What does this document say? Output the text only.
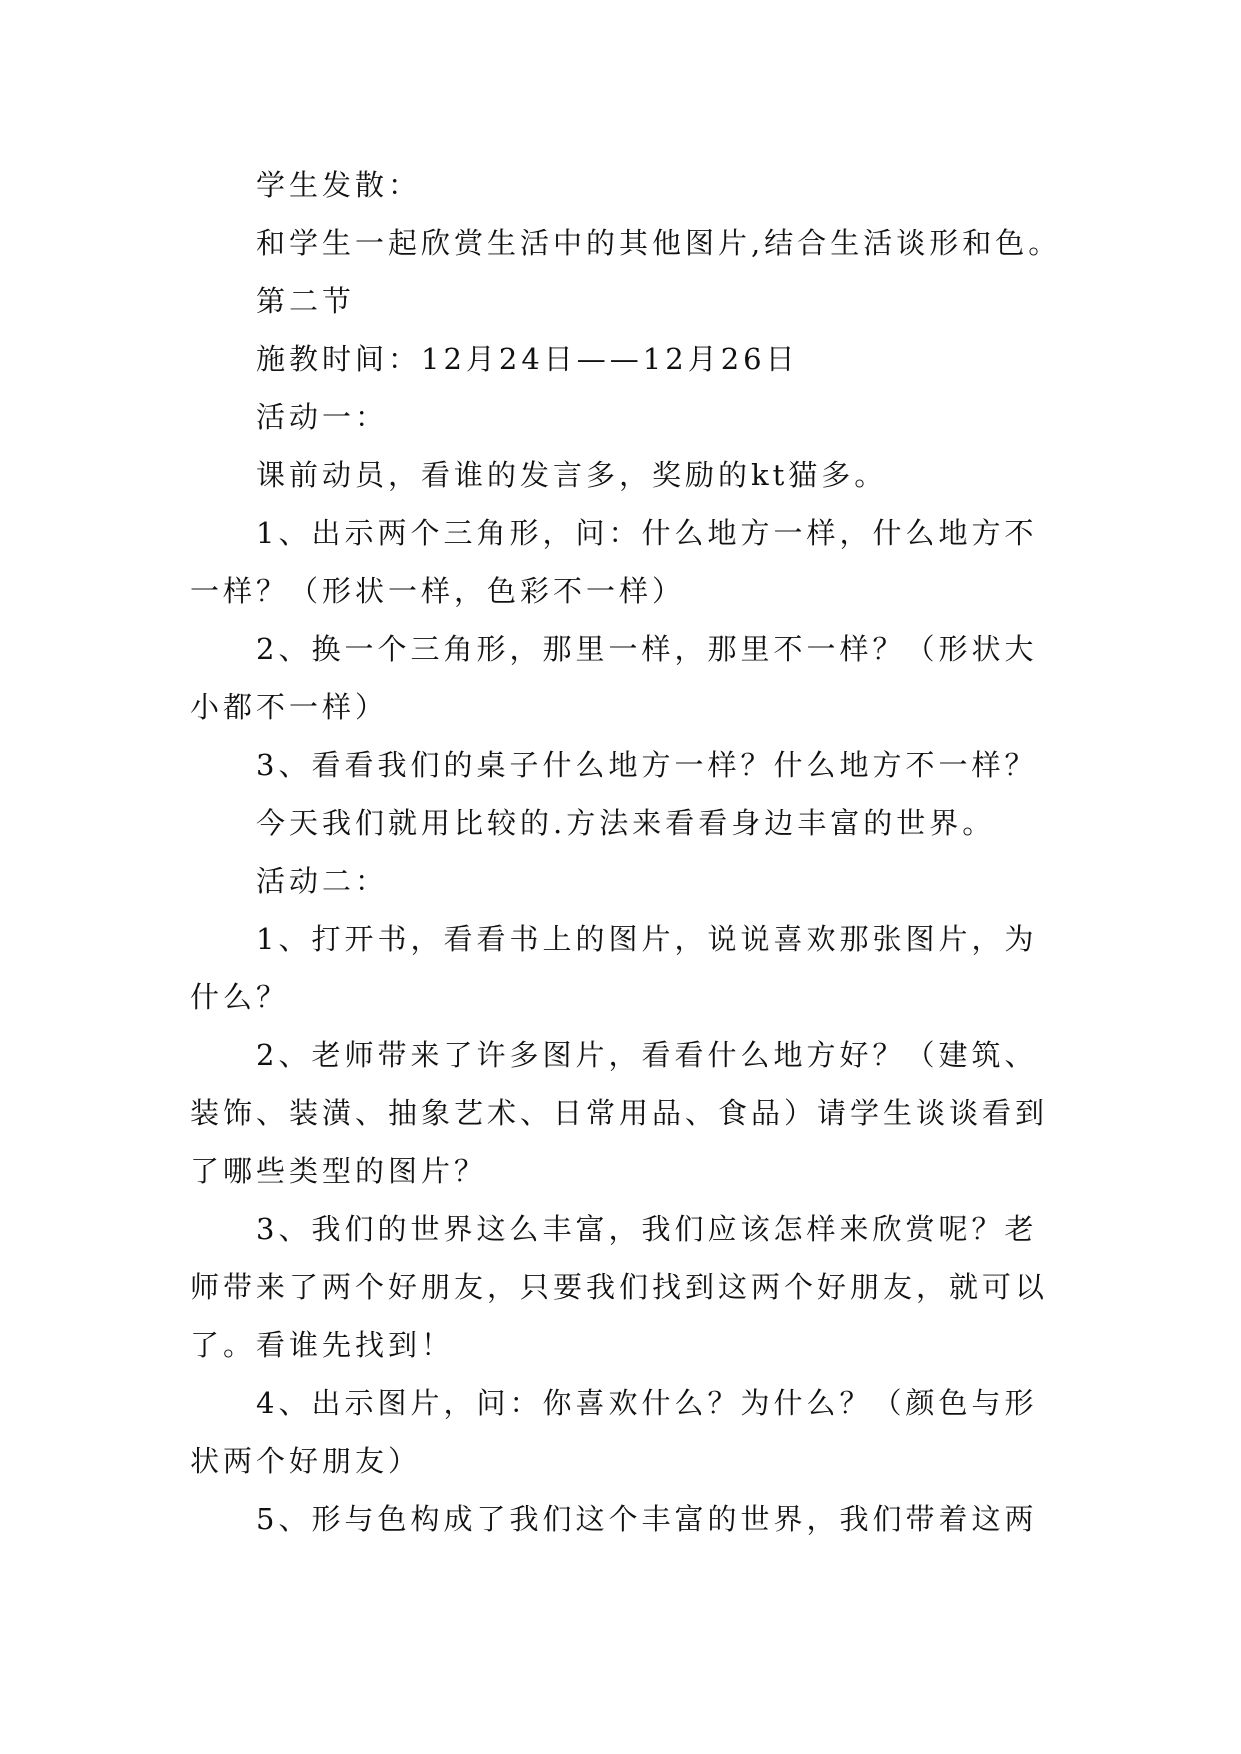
学生发散：

和学生一起欣赏生活中的其他图片,结合生活谈形和色。

第二节

施教时间：12月24日——12月26日

活动一：

课前动员，看谁的发言多，奖励的kt猫多。

1、出示两个三角形，问：什么地方一样，什么地方不一样？（形状一样，色彩不一样）

2、换一个三角形，那里一样，那里不一样？（形状大小都不一样）

3、看看我们的桌子什么地方一样？什么地方不一样？

今天我们就用比较的.方法来看看身边丰富的世界。

活动二：

1、打开书，看看书上的图片，说说喜欢那张图片，为什么？

2、老师带来了许多图片，看看什么地方好？（建筑、装饰、装潢、抽象艺术、日常用品、食品）请学生谈谈看到了哪些类型的图片？

3、我们的世界这么丰富，我们应该怎样来欣赏呢？老师带来了两个好朋友，只要我们找到这两个好朋友，就可以了。看谁先找到！

4、出示图片，问：你喜欢什么？为什么？（颜色与形状两个好朋友）

5、形与色构成了我们这个丰富的世界，我们带着这两
